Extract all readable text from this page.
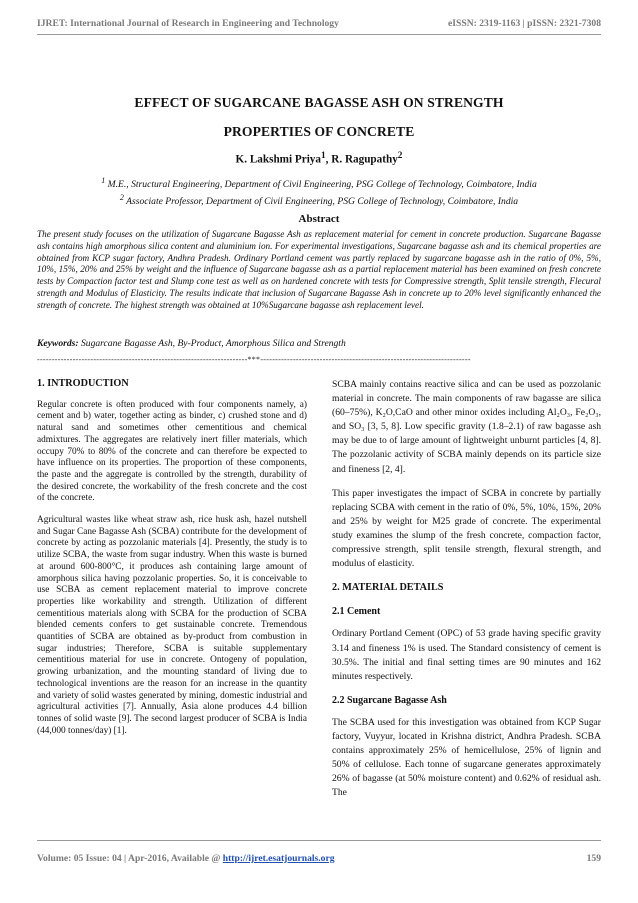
IJRET: International Journal of Research in Engineering and Technology	eISSN: 2319-1163 | pISSN: 2321-7308
EFFECT OF SUGARCANE BAGASSE ASH ON STRENGTH
PROPERTIES OF CONCRETE
K. Lakshmi Priya$^1$, R. Ragupathy$^2$
$^1$ M.E., Structural Engineering, Department of Civil Engineering, PSG College of Technology, Coimbatore, India
$^2$ Associate Professor, Department of Civil Engineering, PSG College of Technology, Coimbatore, India
Abstract
The present study focuses on the utilization of Sugarcane Bagasse Ash as replacement material for cement in concrete production. Sugarcane Bagasse ash contains high amorphous silica content and aluminium ion. For experimental investigations, Sugarcane bagasse ash and its chemical properties are obtained from KCP sugar factory, Andhra Pradesh. Ordinary Portland cement was partly replaced by sugarcane bagasse ash in the ratio of 0%, 5%, 10%, 15%, 20% and 25% by weight and the influence of Sugarcane bagasse ash as a partial replacement material has been examined on fresh concrete tests by Compaction factor test and Slump cone test as well as on hardened concrete with tests for Compressive strength, Split tensile strength, Flecural strength and Modulus of Elasticity. The results indicate that inclusion of Sugarcane Bagasse Ash in concrete up to 20% level significantly enhanced the strength of concrete. The highest strength was obtained at 10%Sugarcane bagasse ash replacement level.
Keywords: Sugarcane Bagasse Ash, By-Product, Amorphous Silica and Strength
-----------------------------------------------------------------------***-----------------------------------------------------------------------
1. INTRODUCTION

Regular concrete is often produced with four components namely, a) cement and b) water, together acting as binder, c) crushed stone and d) natural sand and sometimes other cementitious and chemical admixtures. The aggregates are relatively inert filler materials, which occupy 70% to 80% of the concrete and can therefore be expected to have influence on its properties. The proportion of these components, the paste and the aggregate is controlled by the strength, durability of the desired concrete, the workability of the fresh concrete and the cost of the concrete.

Agricultural wastes like wheat straw ash, rice husk ash, hazel nutshell and Sugar Cane Bagasse Ash (SCBA) contribute for the development of concrete by acting as pozzolanic materials [4]. Presently, the study is to utilize SCBA, the waste from sugar industry. When this waste is burned at around 600-800°C, it produces ash containing large amount of amorphous silica having pozzolanic properties. So, it is conceivable to use SCBA as cement replacement material to improve concrete properties like workability and strength. Utilization of different cementitious materials along with SCBA for the production of SCBA blended cements confers to get sustainable concrete. Tremendous quantities of SCBA are obtained as by-product from combustion in sugar industries; Therefore, SCBA is suitable supplementary cementitious material for use in concrete. Ontogeny of population, growing urbanization, and the mounting standard of living due to technological inventions are the reason for an increase in the quantity and variety of solid wastes generated by mining, domestic industrial and agricultural activities [7]. Annually, Asia alone produces 4.4 billion tonnes of solid waste [9]. The second largest producer of SCBA is India (44,000 tonnes/day) [1].

SCBA mainly contains reactive silica and can be used as pozzolanic material in concrete. The main components of raw bagasse are silica (60–75%), K₂O,CaO and other minor oxides including Al₂O₃, Fe₂O₃, and SO₃ [3, 5, 8]. Low specific gravity (1.8–2.1) of raw bagasse ash may be due to of large amount of lightweight unburnt particles [4, 8]. The pozzolanic activity of SCBA mainly depends on its particle size and fineness [2, 4].

This paper investigates the impact of SCBA in concrete by partially replacing SCBA with cement in the ratio of 0%, 5%, 10%, 15%, 20% and 25% by weight for M25 grade of concrete. The experimental study examines the slump of the fresh concrete, compaction factor, compressive strength, split tensile strength, flexural strength, and modulus of elasticity.

2. MATERIAL DETAILS
2.1 Cement

Ordinary Portland Cement (OPC) of 53 grade having specific gravity 3.14 and fineness 1% is used. The Standard consistency of cement is 30.5%. The initial and final setting times are 90 minutes and 162 minutes respectively.

2.2 Sugarcane Bagasse Ash

The SCBA used for this investigation was obtained from KCP Sugar factory, Vuyyur, located in Krishna district, Andhra Pradesh. SCBA contains approximately 25% of hemicellulose, 25% of lignin and 50% of cellulose. Each tonne of sugarcane generates approximately 26% of bagasse (at 50% moisture content) and 0.62% of residual ash. The

Volume: 05 Issue: 04 | Apr-2016, Available @ http://ijret.esatjournals.org	159
